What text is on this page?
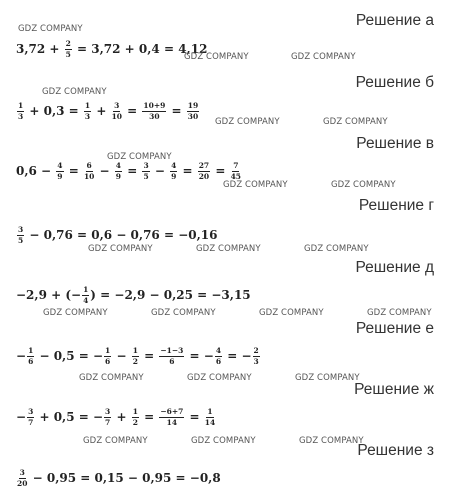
Решение а
Решение б
Решение в
Решение г
Решение д
Решение е
Решение ж
Решение з
$3,72 + \frac{2}{5} = 3,72 + 0,4 = 4,12$
$\frac{1}{3} + 0,3 = \frac{1}{3} + \frac{3}{10} = \frac{10+9}{30} = \frac{19}{30}$
$0,6 - \frac{4}{9} = \frac{6}{10} - \frac{4}{9} = \frac{3}{5} - \frac{4}{9} = \frac{27}{20} = \frac{7}{45}$
$\frac{3}{5} - 0,76 = 0,6 - 0,76 = -0,16$
−2,9 + (− $\frac{1}{4}$ ) = −2,9 − 0,25 = −3,15
− $\frac{1}{6} - 0,5$ = − $\frac{1}{6} - \frac{1}{2} = \frac{-1-3}{6}$ = − $\frac{4}{6}$ = − $\frac{2}{3}$
− $\frac{3}{7} + 0,5$ = − $\frac{3}{7} + \frac{1}{2} = \frac{-6+7}{14} = \frac{1}{14}$
$\frac{3}{20} - 0,95 = 0,15 - 0,95 = -0,8$
GDZ COMPANY
GDZ COMPANY	GDZ COMPANY
GDZ COMPANY
GDZ COMPANY	GDZ COMPANY
GDZ COMPANY
GDZ COMPANY	GDZ COMPANY
GDZ COMPANY	GDZ COMPANY	GDZ COMPANY
GDZ COMPANY	GDZ COMPANY	GDZ COMPANY	GDZ COMPANY
GDZ COMPANY	GDZ COMPANY	GDZ COMPANY
GDZ COMPANY	GDZ COMPANY	GDZ COMPANY
